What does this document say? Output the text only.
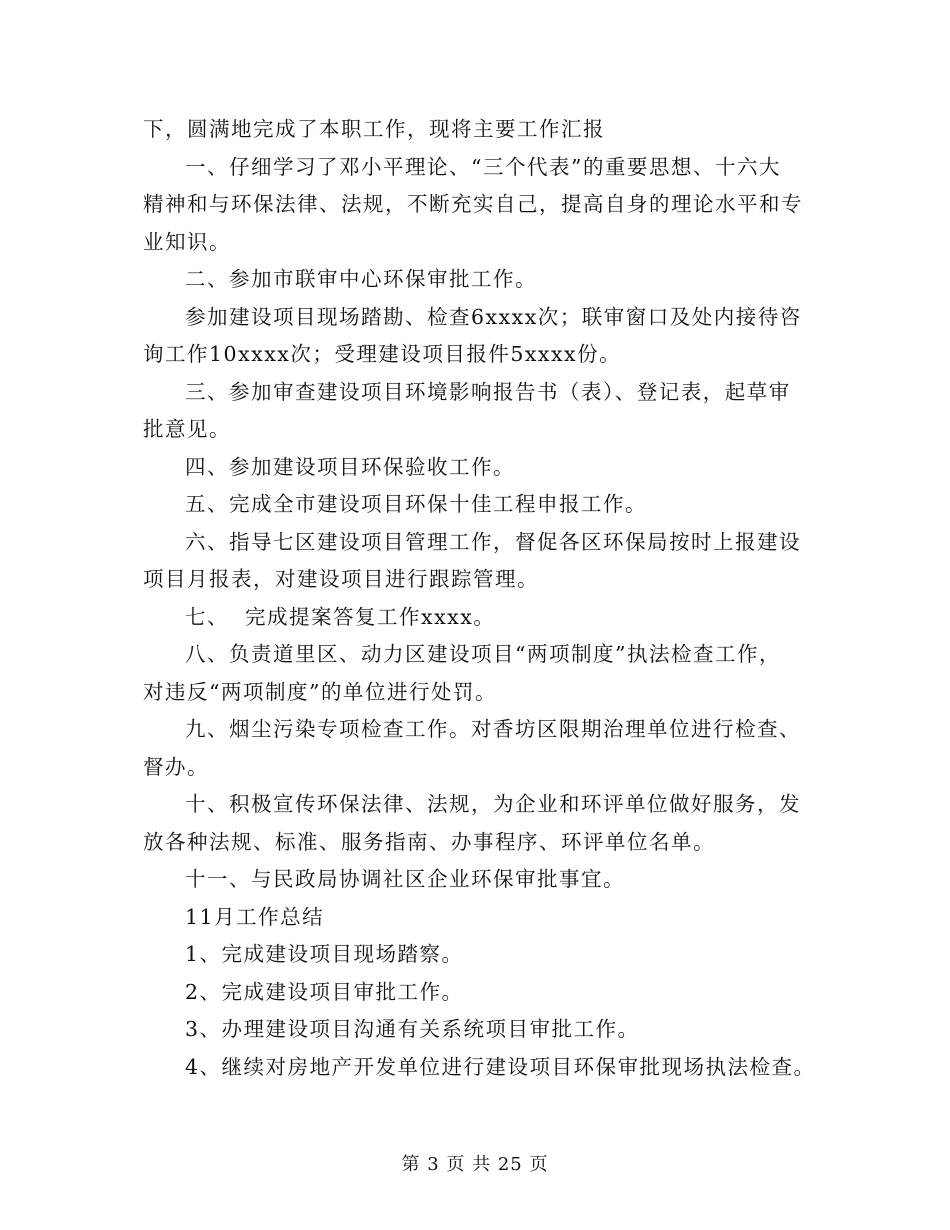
下，圆满地完成了本职工作，现将主要工作汇报
一、仔细学习了邓小平理论、“三个代表”的重要思想、十六大
精神和与环保法律、法规，不断充实自己，提高自身的理论水平和专
业知识。
二、参加市联审中心环保审批工作。
参加建设项目现场踏勘、检查6xxxx次；联审窗口及处内接待咨
询工作10xxxx次；受理建设项目报件5xxxx份。
三、参加审查建设项目环境影响报告书（表）、登记表，起草审
批意见。
四、参加建设项目环保验收工作。
五、完成全市建设项目环保十佳工程申报工作。
六、指导七区建设项目管理工作，督促各区环保局按时上报建设
项目月报表，对建设项目进行跟踪管理。
七、  完成提案答复工作xxxx。
八、负责道里区、动力区建设项目“两项制度”执法检查工作，
对违反“两项制度”的单位进行处罚。
九、烟尘污染专项检查工作。对香坊区限期治理单位进行检查、
督办。
十、积极宣传环保法律、法规，为企业和环评单位做好服务，发
放各种法规、标准、服务指南、办事程序、环评单位名单。
十一、与民政局协调社区企业环保审批事宜。
11月工作总结
1、完成建设项目现场踏察。
2、完成建设项目审批工作。
3、办理建设项目沟通有关系统项目审批工作。
4、继续对房地产开发单位进行建设项目环保审批现场执法检查。
第 3 页 共 25 页
